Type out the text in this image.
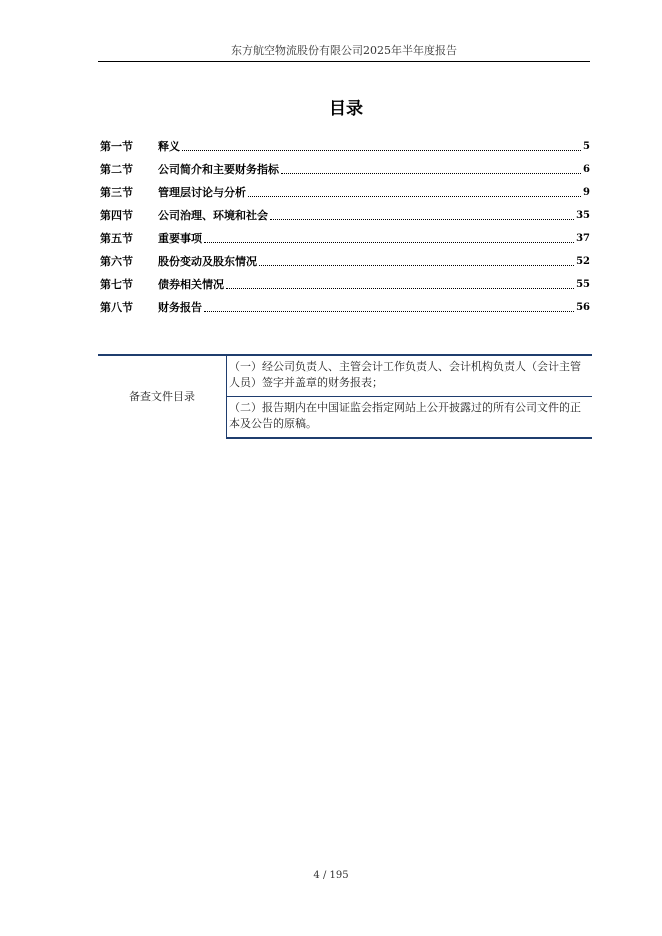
东方航空物流股份有限公司2025年半年度报告
目录
第一节	释义	5
第二节	公司简介和主要财务指标	6
第三节	管理层讨论与分析	9
第四节	公司治理、环境和社会	35
第五节	重要事项	37
第六节	股份变动及股东情况	52
第七节	债券相关情况	55
第八节	财务报告	56
备查文件目录	（一）经公司负责人、主管会计工作负责人、会计机构负责人（会计主管人员）签字并盖章的财务报表；
（二）报告期内在中国证监会指定网站上公开披露过的所有公司文件的正本及公告的原稿。
4 / 195
